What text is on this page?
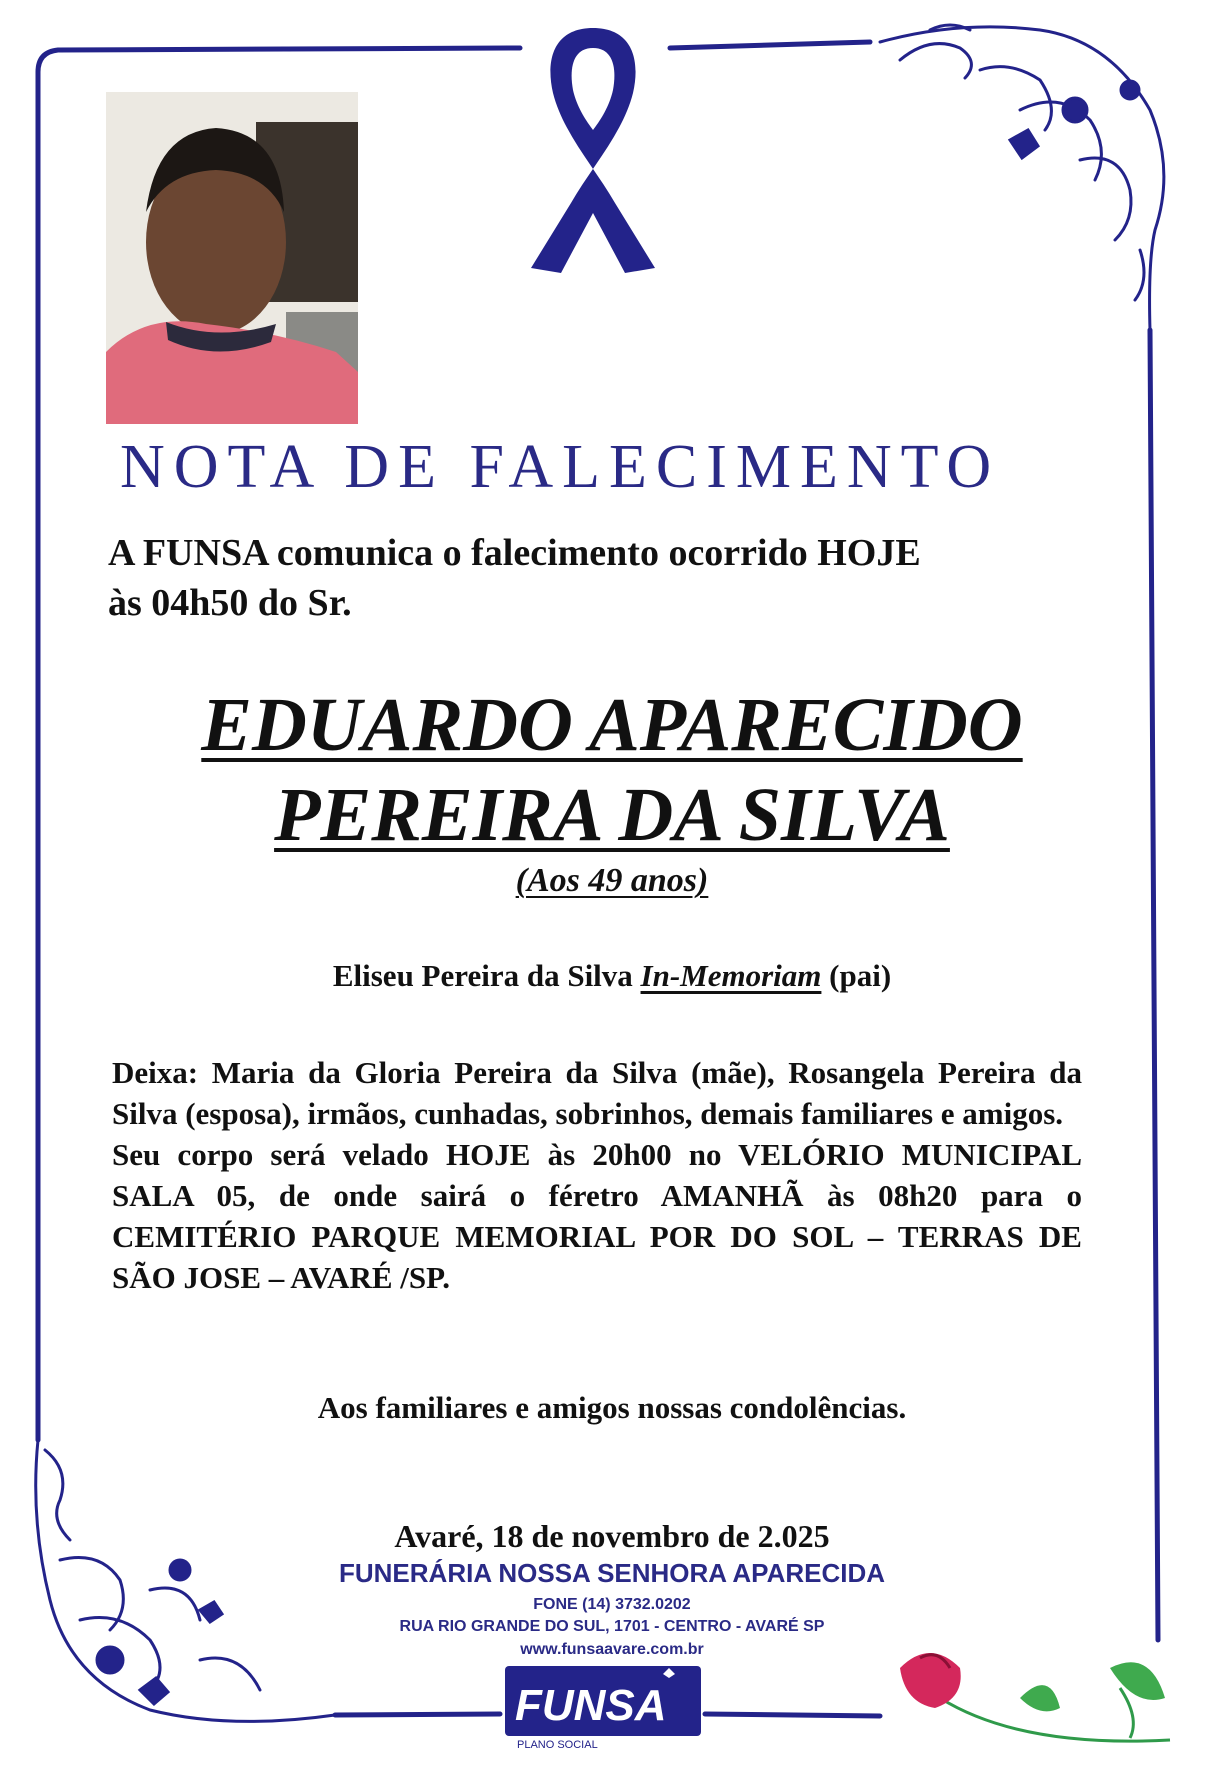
NOTA DE FALECIMENTO
A FUNSA comunica o falecimento ocorrido HOJE
às 04h50 do Sr.
EDUARDO APARECIDO
PEREIRA DA SILVA
(Aos 49 anos)
Eliseu Pereira da Silva In-Memoriam (pai)

Deixa: Maria da Gloria Pereira da Silva (mãe), Rosangela Pereira da Silva (esposa), irmãos, cunhadas, sobrinhos, demais familiares e amigos.

Seu corpo será velado HOJE às 20h00 no VELÓRIO MUNICIPAL SALA 05, de onde sairá o féretro AMANHÃ às 08h20 para o CEMITÉRIO PARQUE MEMORIAL POR DO SOL – TERRAS DE SÃO JOSE – AVARÉ /SP.

Aos familiares e amigos nossas condolências.
Avaré, 18 de novembro de 2.025
FUNERÁRIA NOSSA SENHORA APARECIDA
FONE (14) 3732.0202
RUA RIO GRANDE DO SUL, 1701 - CENTRO - AVARÉ SP
www.funsaavare.com.br
FUNSA
PLANO SOCIAL
